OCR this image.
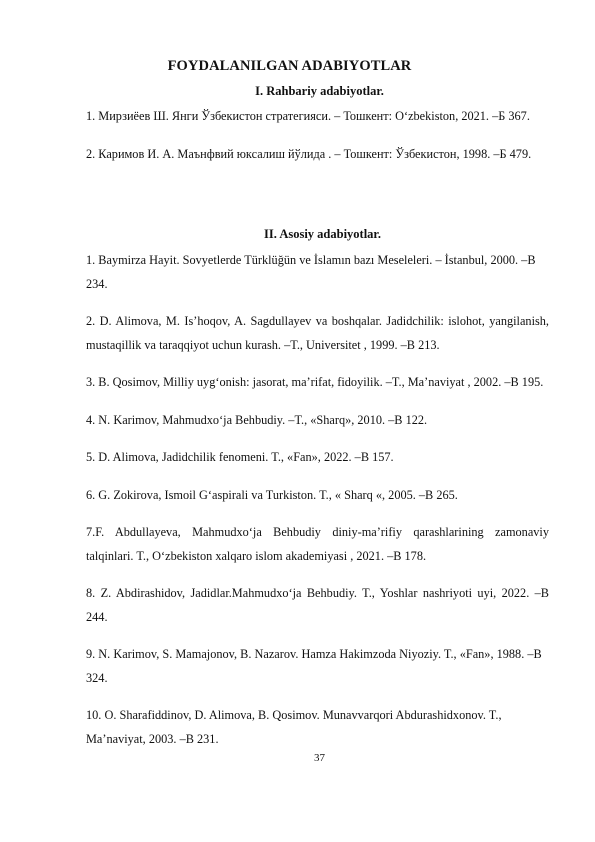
FOYDALANILGAN ADABIYOTLAR
I. Rahbariy adabiyotlar.

1. Мирзиёев Ш. Янги Ўзбекистон стратегияси. – Тошкент: O‘zbekiston, 2021. –Б 367.

2. Каримов И. А. Маънфвий юксалиш йўлида . – Тошкент: Ўзбекистон, 1998. –Б 479.

II. Asosiy adabiyotlar.

1. Baymirza Hayit. Sovyetlerde Türklüğün ve İslamın bazı Meseleleri. – İstanbul, 2000. –B 234.

2. D. Alimova, M. Is’hoqov, A. Sagdullayev va boshqalar. Jadidchilik: islohot, yangilanish, mustaqillik va taraqqiyot uchun kurash. –T., Universitet , 1999. –B 213.

3. B. Qosimov, Milliy uyg‘onish: jasorat, ma’rifat, fidoyilik. –T., Ma’naviyat , 2002. –B 195.

4. N. Karimov, Mahmudxo‘ja Behbudiy. –T., «Sharq», 2010. –B 122.

5. D. Alimova, Jadidchilik fenomeni. T., «Fan», 2022. –B 157.

6. G. Zokirova, Ismoil G‘aspirali va Turkiston. T., « Sharq «, 2005. –B 265.

7.F. Abdullayeva, Mahmudxo‘ja Behbudiy diniy-ma’rifiy qarashlarining zamonaviy talqinlari. T., O‘zbekiston xalqaro islom akademiyasi , 2021. –B 178.

8. Z. Abdirashidov, Jadidlar.Mahmudxo‘ja Behbudiy. T., Yoshlar nashriyoti uyi, 2022. –B 244.

9. N. Karimov, S. Mamajonov, B. Nazarov. Hamza Hakimzoda Niyoziy. T., «Fan», 1988. –B 324.

10. O. Sharafiddinov, D. Alimova, B. Qosimov. Munavvarqori Abdurashidxonov. T., Ma’naviyat, 2003. –B 231.

37
